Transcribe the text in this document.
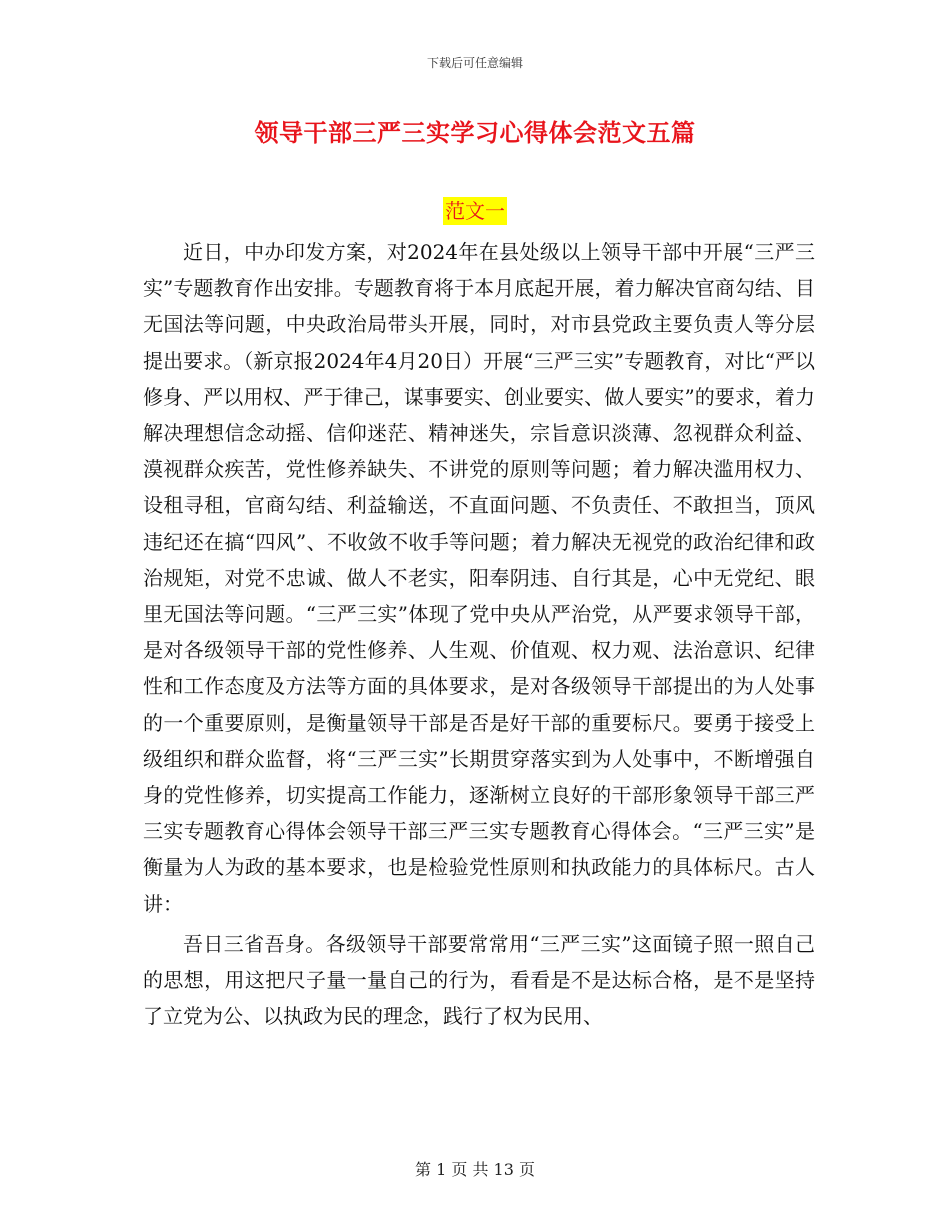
下载后可任意编辑
领导干部三严三实学习心得体会范文五篇
范文一

近日，中办印发方案，对2024年在县处级以上领导干部中开展“三严三实”专题教育作出安排。专题教育将于本月底起开展，着力解决官商勾结、目无国法等问题，中央政治局带头开展，同时，对市县党政主要负责人等分层提出要求。（新京报2024年4月20日）开展“三严三实”专题教育，对比“严以修身、严以用权、严于律己，谋事要实、创业要实、做人要实”的要求，着力解决理想信念动摇、信仰迷茫、精神迷失，宗旨意识淡薄、忽视群众利益、漠视群众疾苦，党性修养缺失、不讲党的原则等问题；着力解决滥用权力、设租寻租，官商勾结、利益输送，不直面问题、不负责任、不敢担当，顶风违纪还在搞“四风”、不收敛不收手等问题；着力解决无视党的政治纪律和政治规矩，对党不忠诚、做人不老实，阳奉阴违、自行其是，心中无党纪、眼里无国法等问题。“三严三实”体现了党中央从严治党，从严要求领导干部，是对各级领导干部的党性修养、人生观、价值观、权力观、法治意识、纪律性和工作态度及方法等方面的具体要求，是对各级领导干部提出的为人处事的一个重要原则，是衡量领导干部是否是好干部的重要标尺。要勇于接受上级组织和群众监督，将“三严三实”长期贯穿落实到为人处事中，不断增强自身的党性修养，切实提高工作能力，逐渐树立良好的干部形象领导干部三严三实专题教育心得体会领导干部三严三实专题教育心得体会。“三严三实”是衡量为人为政的基本要求，也是检验党性原则和执政能力的具体标尺。古人讲：

吾日三省吾身。各级领导干部要常常用“三严三实”这面镜子照一照自己的思想，用这把尺子量一量自己的行为，看看是不是达标合格，是不是坚持了立党为公、以执政为民的理念，践行了权为民用、

第 1 页 共 13 页
